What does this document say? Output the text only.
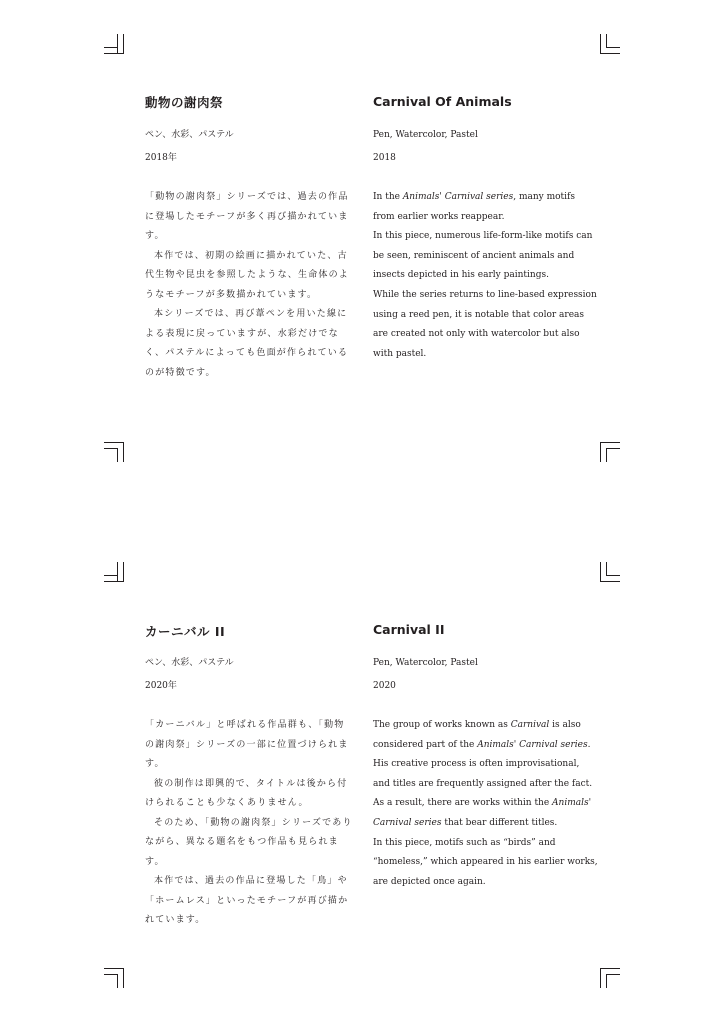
動物の謝肉祭
ペン、水彩、パステル
2018年

「動物の謝肉祭」シリーズでは、過去の作品に登場したモチーフが多く再び描かれています。

本作では、初期の絵画に描かれていた、古代生物や昆虫を参照したような、生命体のようなモチーフが多数描かれています。

本シリーズでは、再び葦ペンを用いた線による表現に戻っていますが、水彩だけでなく、パステルによっても色面が作られているのが特徴です。

Carnival Of Animals
Pen, Watercolor, Pastel
2018
In the Animals' Carnival series, many motifs
from earlier works reappear.
In this piece, numerous life-form-like motifs can
be seen, reminiscent of ancient animals and
insects depicted in his early paintings.
While the series returns to line-based expression
using a reed pen, it is notable that color areas
are created not only with watercolor but also
with pastel.
カーニバル II
ペン、水彩、パステル
2020年

「カーニバル」と呼ばれる作品群も、「動物の謝肉祭」シリーズの一部に位置づけられます。

彼の制作は即興的で、タイトルは後から付けられることも少なくありません。

そのため、「動物の謝肉祭」シリーズでありながら、異なる題名をもつ作品も見られます。

本作では、過去の作品に登場した「鳥」や「ホームレス」といったモチーフが再び描かれています。

Carnival II
Pen, Watercolor, Pastel
2020
The group of works known as Carnival is also
considered part of the Animals' Carnival series.
His creative process is often improvisational,
and titles are frequently assigned after the fact.
As a result, there are works within the Animals'
Carnival series that bear different titles.
In this piece, motifs such as “birds” and
“homeless,” which appeared in his earlier works,
are depicted once again.
